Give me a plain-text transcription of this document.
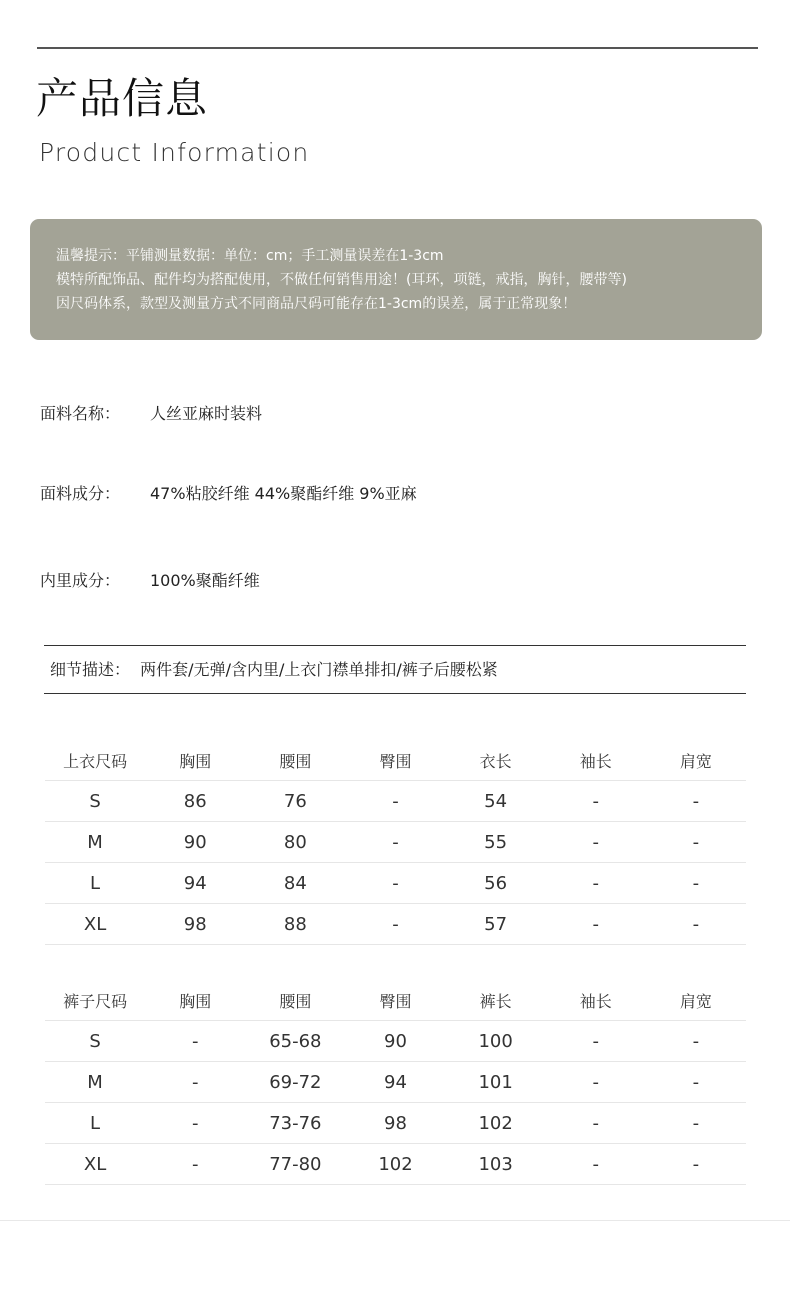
产品信息
Product Information
温馨提示：平铺测量数据：单位：cm；手工测量误差在1-3cm
模特所配饰品、配件均为搭配使用，不做任何销售用途！(耳环，项链，戒指，胸针，腰带等)
因尺码体系，款型及测量方式不同商品尺码可能存在1-3cm的误差，属于正常现象！
面料名称： 人丝亚麻时装料
面料成分： 47%粘胶纤维 44%聚酯纤维 9%亚麻
内里成分： 100%聚酯纤维
细节描述：  两件套/无弹/含内里/上衣门襟单排扣/裤子后腰松紧
上衣尺码	胸围	腰围	臀围	衣长	袖长	肩宽
S	86	76	-	54	-	-
M	90	80	-	55	-	-
L	94	84	-	56	-	-
XL	98	88	-	57	-	-
裤子尺码	胸围	腰围	臀围	裤长	袖长	肩宽
S	-	65-68	90	100	-	-
M	-	69-72	94	101	-	-
L	-	73-76	98	102	-	-
XL	-	77-80	102	103	-	-
